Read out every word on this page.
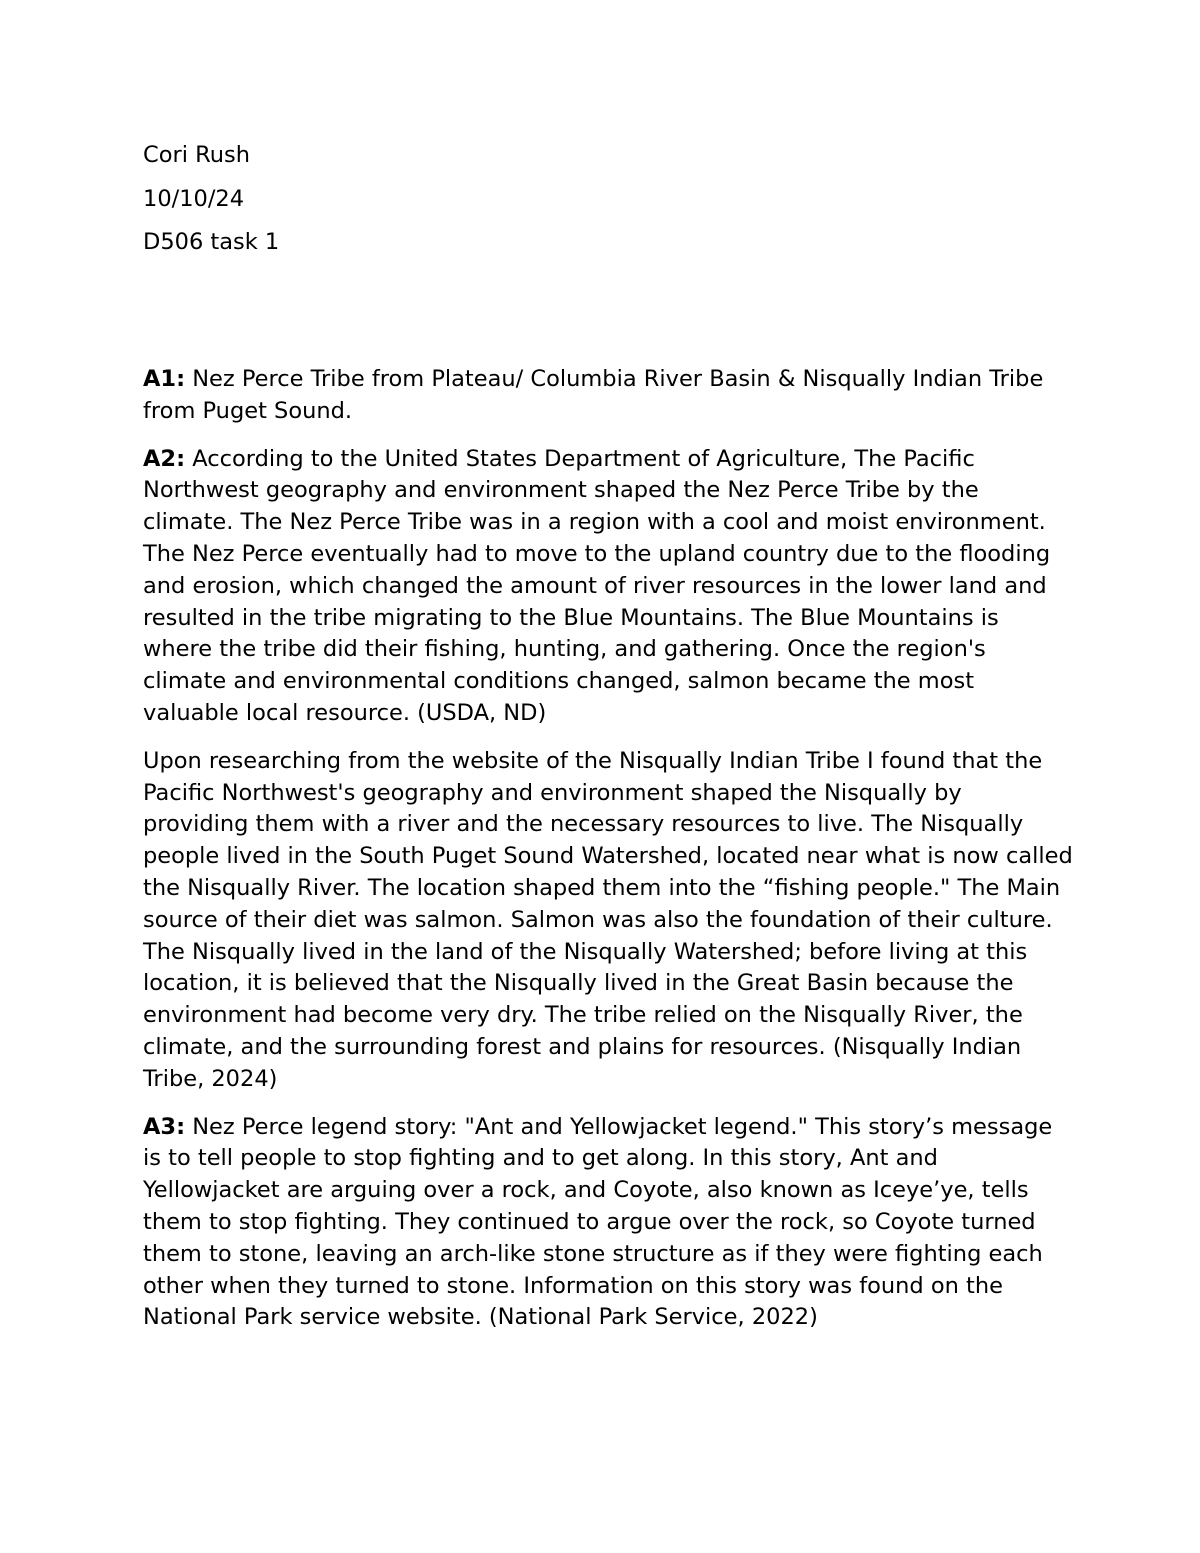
Cori Rush

10/10/24

D506 task 1

A1: Nez Perce Tribe from Plateau/ Columbia River Basin & Nisqually Indian Tribe from Puget Sound.

A2: According to the United States Department of Agriculture, The Pacific Northwest geography and environment shaped the Nez Perce Tribe by the climate. The Nez Perce Tribe was in a region with a cool and moist environment. The Nez Perce eventually had to move to the upland country due to the flooding and erosion, which changed the amount of river resources in the lower land and resulted in the tribe migrating to the Blue Mountains. The Blue Mountains is where the tribe did their fishing, hunting, and gathering. Once the region's climate and environmental conditions changed, salmon became the most valuable local resource. (USDA, ND)

Upon researching from the website of the Nisqually Indian Tribe I found that the Pacific Northwest's geography and environment shaped the Nisqually by providing them with a river and the necessary resources to live. The Nisqually people lived in the South Puget Sound Watershed, located near what is now called the Nisqually River. The location shaped them into the “fishing people." The Main source of their diet was salmon. Salmon was also the foundation of their culture. The Nisqually lived in the land of the Nisqually Watershed; before living at this location, it is believed that the Nisqually lived in the Great Basin because the environment had become very dry. The tribe relied on the Nisqually River, the climate, and the surrounding forest and plains for resources. (Nisqually Indian Tribe, 2024)

A3: Nez Perce legend story: "Ant and Yellowjacket legend." This story’s message is to tell people to stop fighting and to get along. In this story, Ant and Yellowjacket are arguing over a rock, and Coyote, also known as Iceye’ye, tells them to stop fighting. They continued to argue over the rock, so Coyote turned them to stone, leaving an arch-like stone structure as if they were fighting each other when they turned to stone. Information on this story was found on the National Park service website. (National Park Service, 2022)
